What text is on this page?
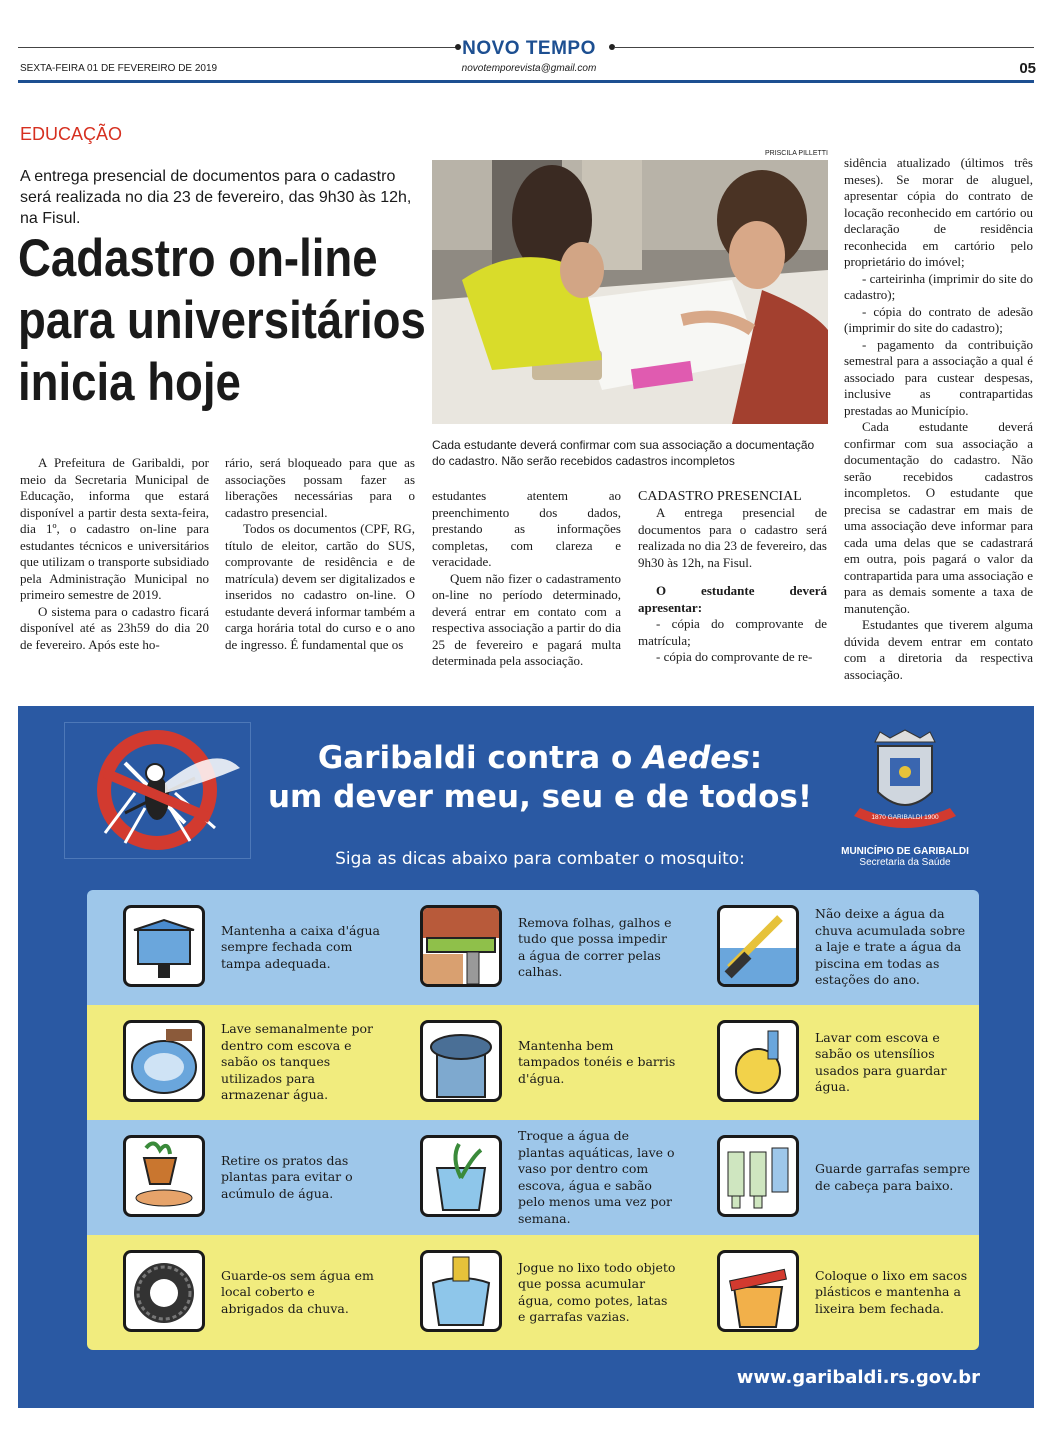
NOVO TEMPO
SEXTA-FEIRA 01 DE FEVEREIRO DE 2019	novotemporevista@gmail.com	05
EDUCAÇÃO
A entrega presencial de documentos para o cadastro será realizada no dia 23 de fevereiro, das 9h30 às 12h, na Fisul.
Cadastro on-line
para universitários
inicia hoje
PRISCILA PILLETTI
Cada estudante deverá confirmar com sua associação a documentação do cadastro. Não serão recebidos cadastros incompletos

A Prefeitura de Garibaldi, por meio da Secretaria Municipal de Educação, informa que estará disponível a partir desta sexta-feira, dia 1º, o cadastro on-line para estudantes técnicos e universitários que utilizam o transporte subsidiado pela Administração Municipal no primeiro semestre de 2019.

O sistema para o cadastro ficará disponível até as 23h59 do dia 20 de fevereiro. Após este ho-

rário, será bloqueado para que as associações possam fazer as liberações necessárias para o cadastro presencial.

Todos os documentos (CPF, RG, título de eleitor, cartão do SUS, comprovante de residência e de matrícula) devem ser digitalizados e inseridos no cadastro on-line. O estudante deverá informar também a carga horária total do curso e o ano de ingresso. É fundamental que os

estudantes atentem ao preenchimento dos dados, prestando as informações completas, com clareza e veracidade.

Quem não fizer o cadastramento on-line no período determinado, deverá entrar em contato com a respectiva associação a partir do dia 25 de fevereiro e pagará multa determinada pela associação.

CADASTRO PRESENCIAL

A entrega presencial de documentos para o cadastro será realizada no dia 23 de fevereiro, das 9h30 às 12h, na Fisul.

O estudante deverá apresentar:

- cópia do comprovante de matrícula;

- cópia do comprovante de re-

sidência atualizado (últimos três meses). Se morar de aluguel, apresentar cópia do contrato de locação reconhecido em cartório ou declaração de residência reconhecida em cartório pelo proprietário do imóvel;

- carteirinha (imprimir do site do cadastro);

- cópia do contrato de adesão (imprimir do site do cadastro);

- pagamento da contribuição semestral para a associação a qual é associado para custear despesas, inclusive as contrapartidas prestadas ao Município.

Cada estudante deverá confirmar com sua associação a documentação do cadastro. Não serão recebidos cadastros incompletos. O estudante que precisa se cadastrar em mais de uma associação deve informar para cada uma delas que se cadastrará em outra, pois pagará o valor da contrapartida para uma associação e para as demais somente a taxa de manutenção.

Estudantes que tiverem alguma dúvida devem entrar em contato com a diretoria da respectiva associação.

Garibaldi contra o Aedes:
um dever meu, seu e de todos!
Siga as dicas abaixo para combater o mosquito:
1870 GARIBALDI 1900
MUNICÍPIO DE GARIBALDI
Secretaria da Saúde
Mantenha a caixa d'água sempre fechada com tampa adequada.
Remova folhas, galhos e tudo que possa impedir a água de correr pelas calhas.
Não deixe a água da chuva acumulada sobre a laje e trate a água da piscina em todas as estações do ano.
Lave semanalmente por dentro com escova e sabão os tanques utilizados para armazenar água.
Mantenha bem tampados tonéis e barris d'água.
Lavar com escova e sabão os utensílios usados para guardar água.
Retire os pratos das plantas para evitar o acúmulo de água.
Troque a água de plantas aquáticas, lave o vaso por dentro com escova, água e sabão pelo menos uma vez por semana.
Guarde garrafas sempre de cabeça para baixo.
Guarde-os sem água em local coberto e abrigados da chuva.
Jogue no lixo todo objeto que possa acumular água, como potes, latas e garrafas vazias.
Coloque o lixo em sacos plásticos e mantenha a lixeira bem fechada.
www.garibaldi.rs.gov.br
